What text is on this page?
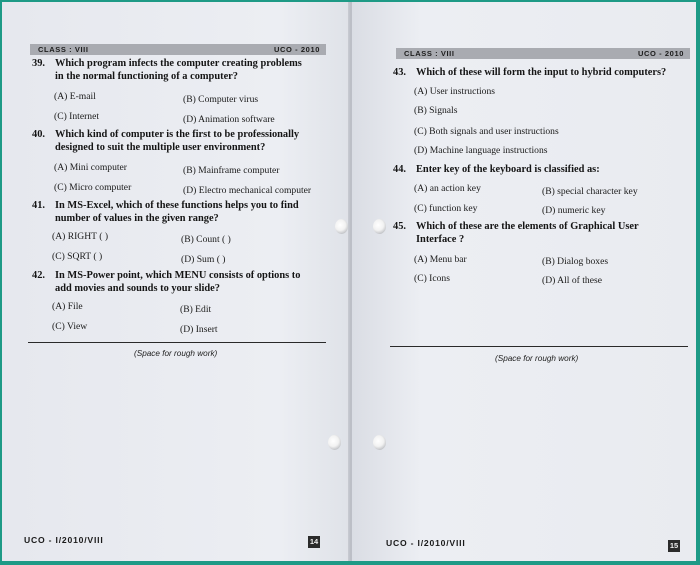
CLASS : VIII	UCO - 2010
39. Which program infects the computer creating problems
in the normal functioning of a computer?
(A) E-mail	(B) Computer virus
(C) Internet	(D) Animation software
40. Which kind of computer is the first to be professionally
designed to suit the multiple user environment?
(A) Mini computer	(B) Mainframe computer
(C) Micro computer	(D) Electro mechanical computer
41. In MS-Excel, which of these functions helps you to find
number of values in the given range?
(A) RIGHT ( )	(B) Count ( )
(C) SQRT ( )	(D) Sum ( )
42. In MS-Power point, which MENU consists of options to
add movies and sounds to your slide?
(A) File	(B) Edit
(C) View	(D) Insert
(Space for rough work)
UCO - I/2010/VIII	14
CLASS : VIII	UCO - 2010
43. Which of these will form the input to hybrid computers?
(A) User instructions
(B) Signals
(C) Both signals and user instructions
(D) Machine language instructions
44. Enter key of the keyboard is classified as:
(A) an action key	(B) special character key
(C) function key	(D) numeric key
45. Which of these are the elements of Graphical User
Interface ?
(A) Menu bar	(B) Dialog boxes
(C) Icons	(D) All of these
(Space for rough work)
UCO - I/2010/VIII	15
